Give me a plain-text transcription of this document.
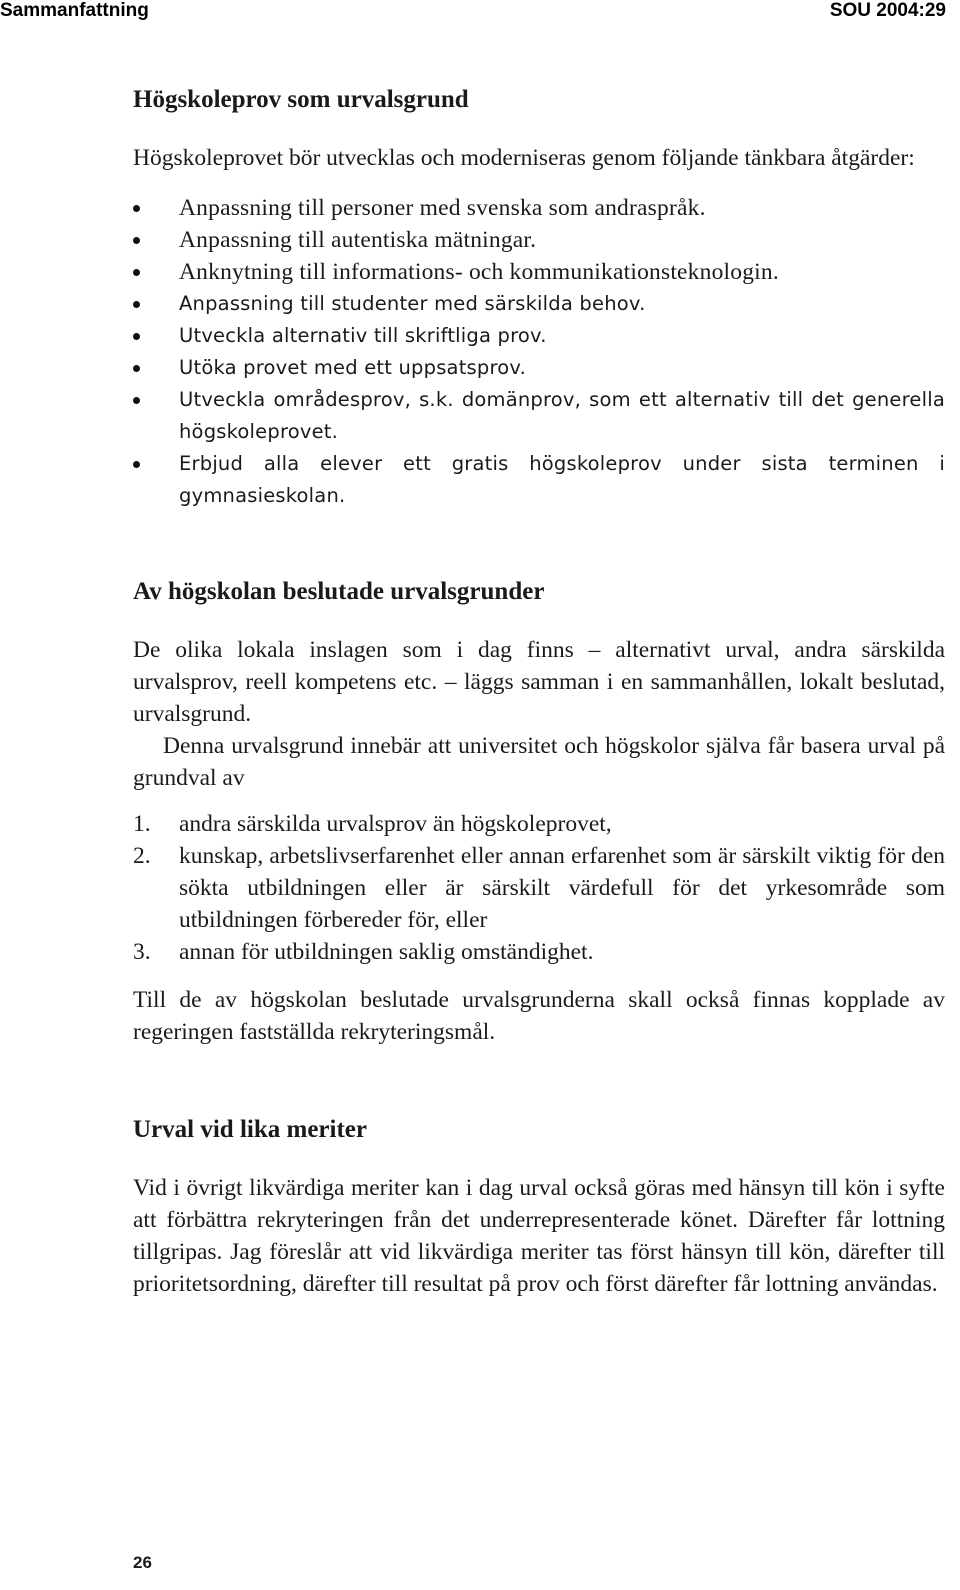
Sammanfattning	SOU 2004:29
Högskoleprov som urvalsgrund

Högskoleprovet bör utvecklas och moderniseras genom följande tänkbara åtgärder:

Anpassning till personer med svenska som andraspråk.
Anpassning till autentiska mätningar.
Anknytning till informations- och kommunikationsteknologin.
Anpassning till studenter med särskilda behov.
Utveckla alternativ till skriftliga prov.
Utöka provet med ett uppsatsprov.
Utveckla områdesprov, s.k. domänprov, som ett alternativ till det generella högskoleprovet.
Erbjud alla elever ett gratis högskoleprov under sista terminen i gymnasieskolan.
Av högskolan beslutade urvalsgrunder

De olika lokala inslagen som i dag finns – alternativt urval, andra särskilda urvalsprov, reell kompetens etc. – läggs samman i en sammanhållen, lokalt beslutad, urvalsgrund.

Denna urvalsgrund innebär att universitet och högskolor själva får basera urval på grundval av

1. andra särskilda urvalsprov än högskoleprovet,
2. kunskap, arbetslivserfarenhet eller annan erfarenhet som är särskilt viktig för den sökta utbildningen eller är särskilt värdefull för det yrkesområde som utbildningen förbereder för, eller
3. annan för utbildningen saklig omständighet.

Till de av högskolan beslutade urvalsgrunderna skall också finnas kopplade av regeringen fastställda rekryteringsmål.

Urval vid lika meriter

Vid i övrigt likvärdiga meriter kan i dag urval också göras med hänsyn till kön i syfte att förbättra rekryteringen från det underrepresenterade könet. Därefter får lottning tillgripas. Jag föreslår att vid likvärdiga meriter tas först hänsyn till kön, därefter till prioritetsordning, därefter till resultat på prov och först därefter får lottning användas.

26
